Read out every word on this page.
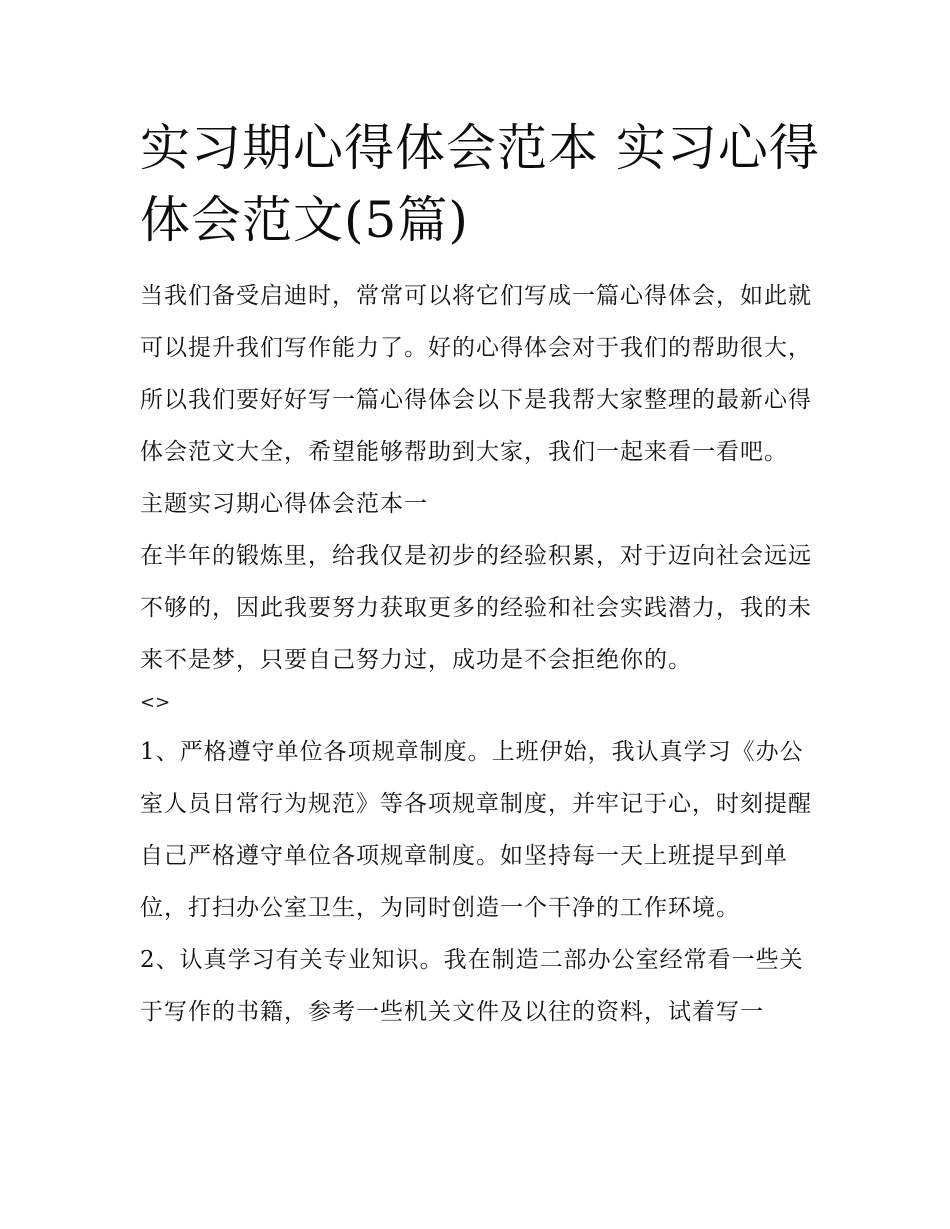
实习期心得体会范本 实习心得体会范文(5篇)

当我们备受启迪时，常常可以将它们写成一篇心得体会，如此就可以提升我们写作能力了。好的心得体会对于我们的帮助很大，所以我们要好好写一篇心得体会以下是我帮大家整理的最新心得体会范文大全，希望能够帮助到大家，我们一起来看一看吧。

主题实习期心得体会范本一

在半年的锻炼里，给我仅是初步的经验积累，对于迈向社会远远不够的，因此我要努力获取更多的经验和社会实践潜力，我的未来不是梦，只要自己努力过，成功是不会拒绝你的。

<>

1、严格遵守单位各项规章制度。上班伊始，我认真学习《办公室人员日常行为规范》等各项规章制度，并牢记于心，时刻提醒自己严格遵守单位各项规章制度。如坚持每一天上班提早到单位，打扫办公室卫生，为同时创造一个干净的工作环境。

2、认真学习有关专业知识。我在制造二部办公室经常看一些关于写作的书籍，参考一些机关文件及以往的资料，试着写一
